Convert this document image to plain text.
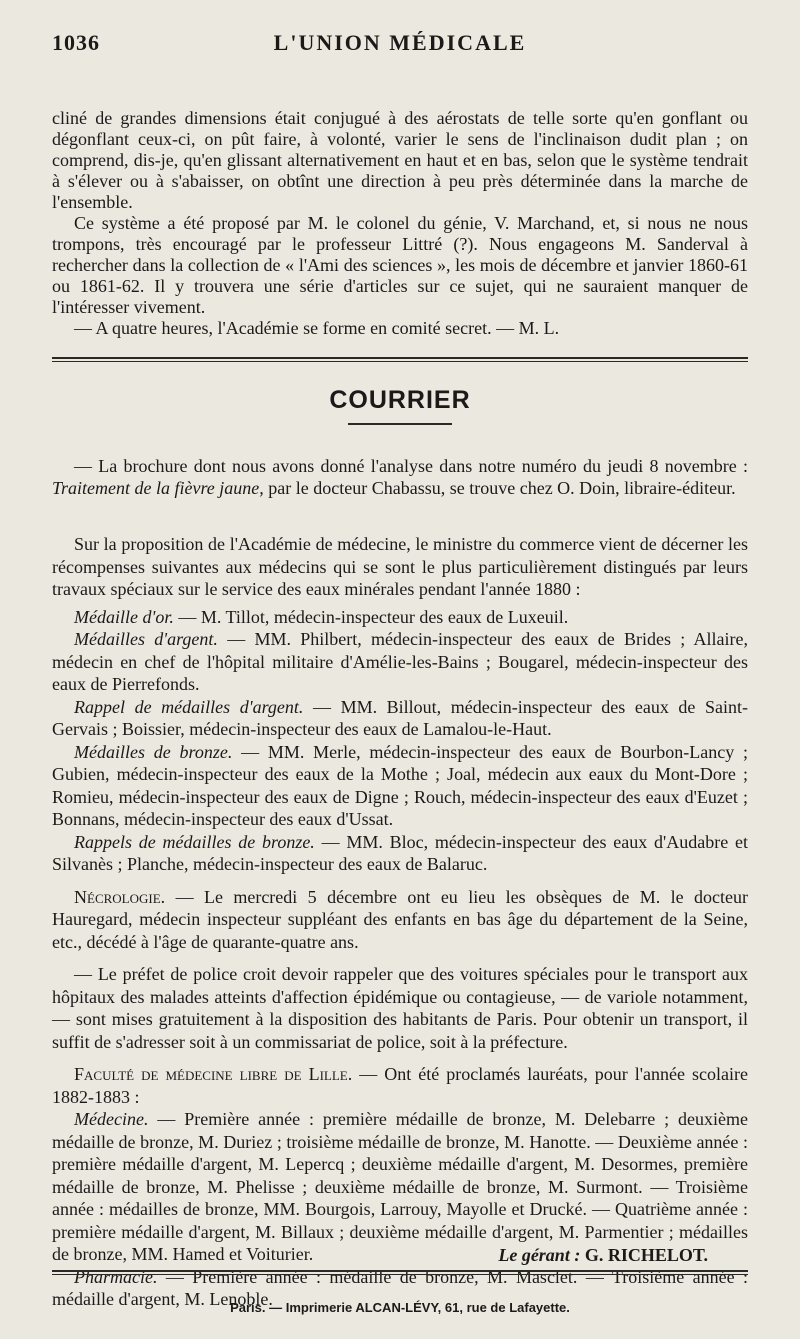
1036	L'UNION MÉDICALE

cliné de grandes dimensions était conjugué à des aérostats de telle sorte qu'en gonflant ou dégonflant ceux-ci, on pût faire, à volonté, varier le sens de l'inclinaison dudit plan ; on comprend, dis-je, qu'en glissant alternativement en haut et en bas, selon que le système tendrait à s'élever ou à s'abaisser, on obtînt une direction à peu près déterminée dans la marche de l'ensemble.

Ce système a été proposé par M. le colonel du génie, V. Marchand, et, si nous ne nous trompons, très encouragé par le professeur Littré (?). Nous engageons M. Sanderval à rechercher dans la collection de « l'Ami des sciences », les mois de décembre et janvier 1860-61 ou 1861-62. Il y trouvera une série d'articles sur ce sujet, qui ne sauraient manquer de l'intéresser vivement.

— A quatre heures, l'Académie se forme en comité secret. — M. L.

COURRIER

— La brochure dont nous avons donné l'analyse dans notre numéro du jeudi 8 novembre : Traitement de la fièvre jaune, par le docteur Chabassu, se trouve chez O. Doin, libraire-éditeur.

Sur la proposition de l'Académie de médecine, le ministre du commerce vient de décerner les récompenses suivantes aux médecins qui se sont le plus particulièrement distingués par leurs travaux spéciaux sur le service des eaux minérales pendant l'année 1880 :

Médaille d'or. — M. Tillot, médecin-inspecteur des eaux de Luxeuil.

Médailles d'argent. — MM. Philbert, médecin-inspecteur des eaux de Brides ; Allaire, médecin en chef de l'hôpital militaire d'Amélie-les-Bains ; Bougarel, médecin-inspecteur des eaux de Pierrefonds.

Rappel de médailles d'argent. — MM. Billout, médecin-inspecteur des eaux de Saint-Gervais ; Boissier, médecin-inspecteur des eaux de Lamalou-le-Haut.

Médailles de bronze. — MM. Merle, médecin-inspecteur des eaux de Bourbon-Lancy ; Gubien, médecin-inspecteur des eaux de la Mothe ; Joal, médecin aux eaux du Mont-Dore ; Romieu, médecin-inspecteur des eaux de Digne ; Rouch, médecin-inspecteur des eaux d'Euzet ; Bonnans, médecin-inspecteur des eaux d'Ussat.

Rappels de médailles de bronze. — MM. Bloc, médecin-inspecteur des eaux d'Audabre et Silvanès ; Planche, médecin-inspecteur des eaux de Balaruc.

Nécrologie. — Le mercredi 5 décembre ont eu lieu les obsèques de M. le docteur Hauregard, médecin inspecteur suppléant des enfants en bas âge du département de la Seine, etc., décédé à l'âge de quarante-quatre ans.

— Le préfet de police croit devoir rappeler que des voitures spéciales pour le transport aux hôpitaux des malades atteints d'affection épidémique ou contagieuse, — de variole notamment, — sont mises gratuitement à la disposition des habitants de Paris. Pour obtenir un transport, il suffit de s'adresser soit à un commissariat de police, soit à la préfecture.

Faculté de médecine libre de Lille. — Ont été proclamés lauréats, pour l'année scolaire 1882-1883 :

Médecine. — Première année : première médaille de bronze, M. Delebarre ; deuxième médaille de bronze, M. Duriez ; troisième médaille de bronze, M. Hanotte. — Deuxième année : première médaille d'argent, M. Lepercq ; deuxième médaille d'argent, M. Desormes, première médaille de bronze, M. Phelisse ; deuxième médaille de bronze, M. Surmont. — Troisième année : médailles de bronze, MM. Bourgois, Larrouy, Mayolle et Drucké. — Quatrième année : première médaille d'argent, M. Billaux ; deuxième médaille d'argent, M. Parmentier ; médailles de bronze, MM. Hamed et Voiturier.

Pharmacie. — Première année : médaille de bronze, M. Masclet. — Troisième année : médaille d'argent, M. Lenoble.

Le gérant : G. RICHELOT.
Paris. — Imprimerie ALCAN-LÉVY, 61, rue de Lafayette.
